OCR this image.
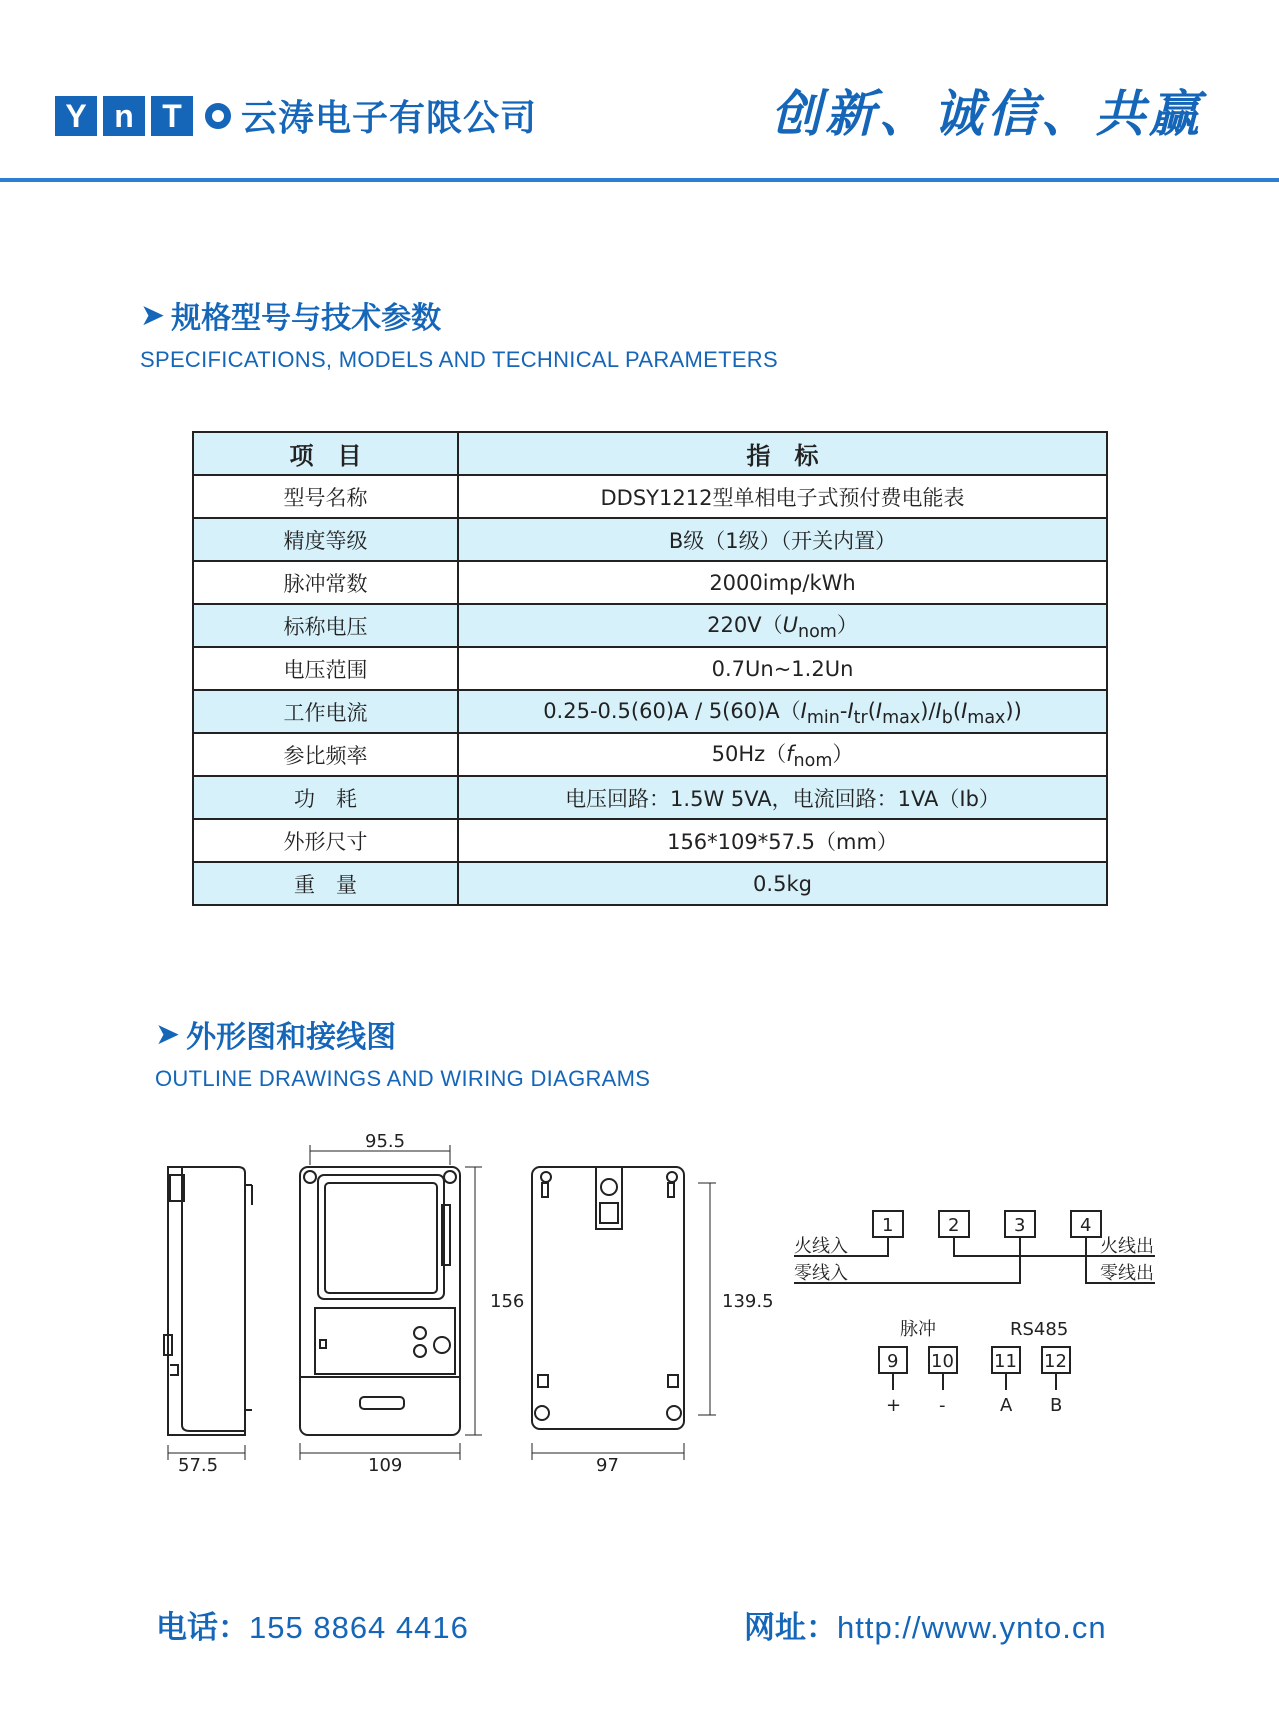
Y n T	云涛电子有限公司	创新、诚信、共赢
➤ 规格型号与技术参数
SPECIFICATIONS, MODELS AND TECHNICAL PARAMETERS
项　目	指　标
型号名称	DDSY1212型单相电子式预付费电能表
精度等级	B级（1级）（开关内置）
脉冲常数	2000imp/kWh
标称电压	$220V(U_{nom})$
电压范围	0.7Un~1.2Un
工作电流	$0.25-0.5(60)A / 5(60)A(I_{min}-I_{tr}(I_{max})/I_b(I_{max}))$
参比频率	$50Hz(f_{nom})$
功　耗	电压回路：1.5W 5VA，电流回路：1VA（Ib）
外形尺寸	156*109*57.5（mm）
重　量	0.5kg
➤ 外形图和接线图
OUTLINE DRAWINGS AND WIRING DIAGRAMS
57.5
95.5
109
156
97
139.5
1	2	3	4
火线入
零线入
火线出
零线出
脉冲	RS485
9 10 11 12
+ -	A B
电话：155 8864 4416	网址：http://www.ynto.cn
